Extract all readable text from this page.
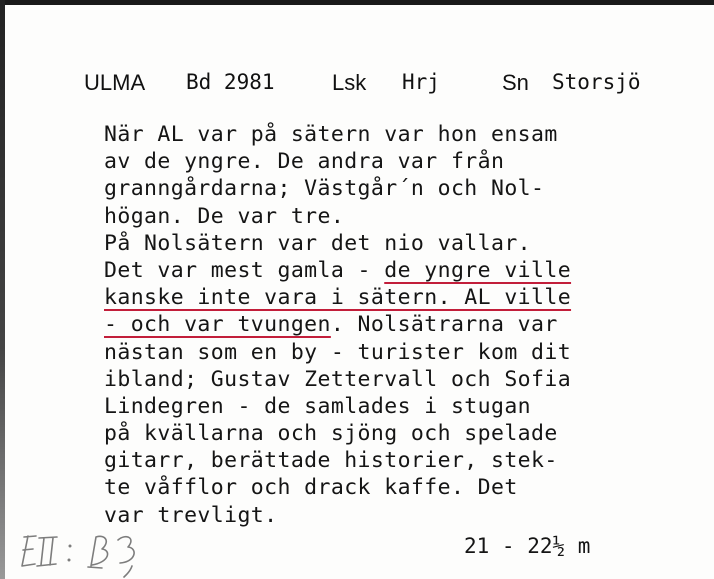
ULMA Bd 2981	Lsk Hrj	Sn Storsjö
När AL var på sätern var hon ensam
av de yngre. De andra var från
granngårdarna; Västgår´n och Nol-
högan. De var tre.
På Nolsätern var det nio vallar.
Det var mest gamla - de yngre ville
kanske inte vara i sätern. AL ville
- och var tvungen. Nolsätrarna var
nästan som en by - turister kom dit
ibland; Gustav Zettervall och Sofia
Lindegren - de samlades i stugan
på kvällarna och sjöng och spelade
gitarr, berättade historier, stek-
te våfflor och drack kaffe. Det
var trevligt.
21 - 22½ m
